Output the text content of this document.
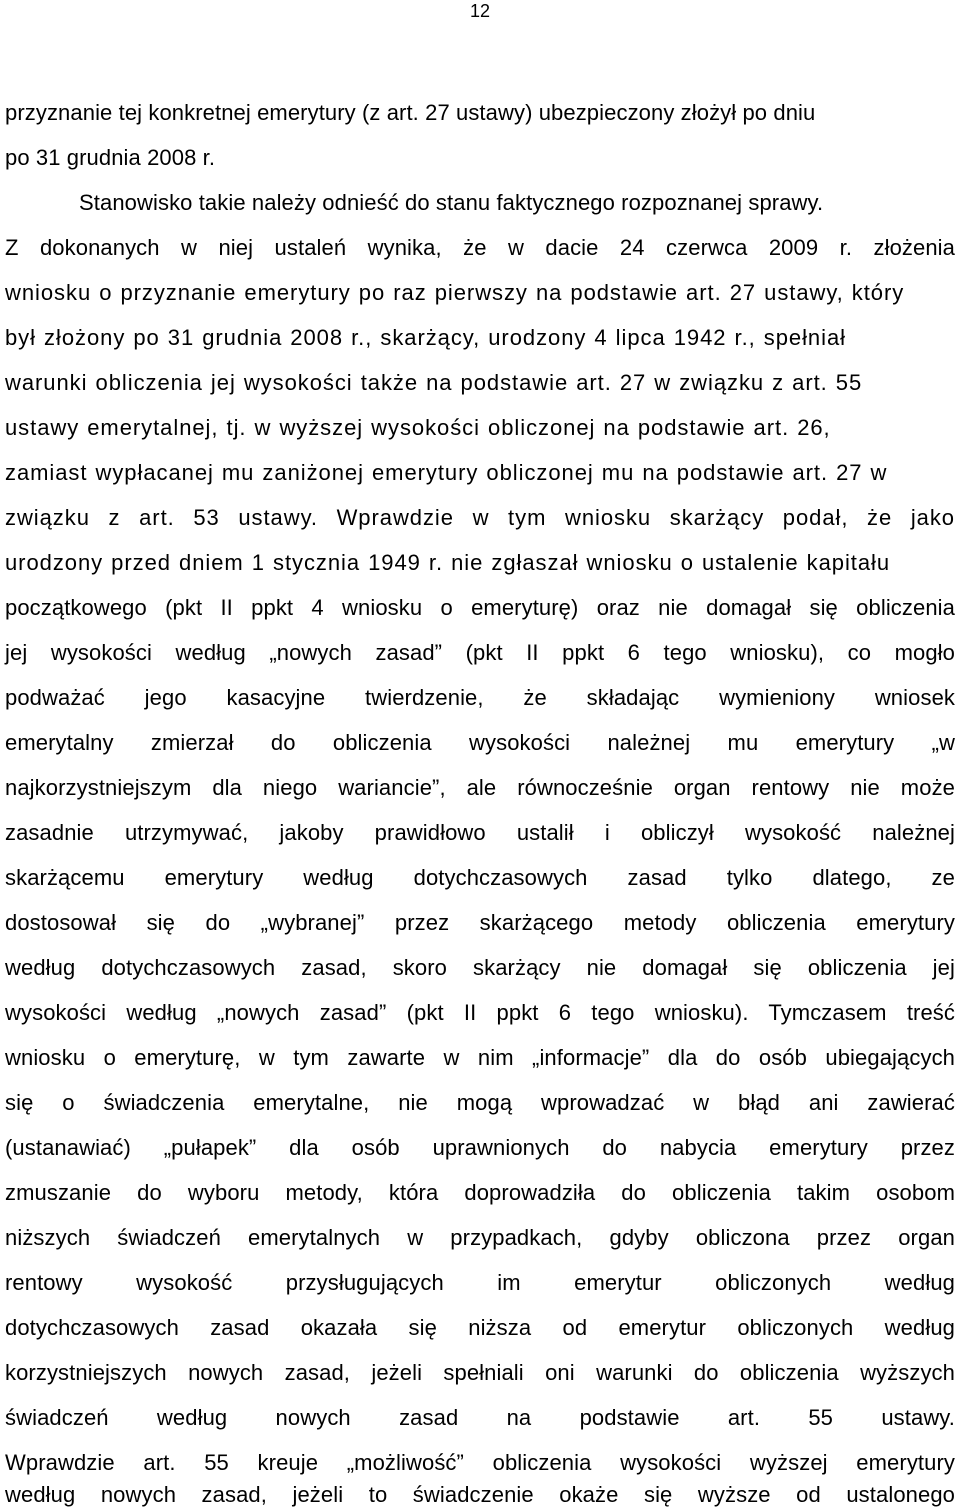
12
przyznanie tej konkretnej emerytury (z art. 27 ustawy) ubezpieczony złożył po dniu
po 31 grudnia 2008 r.
Stanowisko takie należy odnieść do stanu faktycznego rozpoznanej sprawy.
Z dokonanych w niej ustaleń wynika, że w dacie 24 czerwca 2009 r. złożenia
wniosku o przyznanie emerytury po raz pierwszy na podstawie art. 27 ustawy, który
był złożony po 31 grudnia 2008 r., skarżący, urodzony 4 lipca 1942 r., spełniał
warunki obliczenia jej wysokości także na podstawie art. 27 w związku z art. 55
ustawy emerytalnej, tj. w wyższej wysokości obliczonej na podstawie art. 26,
zamiast wypłacanej mu zaniżonej emerytury obliczonej mu na podstawie art. 27 w
związku z art. 53 ustawy. Wprawdzie w tym wniosku skarżący podał, że jako
urodzony przed dniem 1 stycznia 1949 r. nie zgłaszał wniosku o ustalenie kapitału
początkowego (pkt II ppkt 4 wniosku o emeryturę) oraz nie domagał się obliczenia
jej wysokości według „nowych zasad” (pkt II ppkt 6 tego wniosku), co mogło
podważać jego kasacyjne twierdzenie, że składając wymieniony wniosek
emerytalny zmierzał do obliczenia wysokości należnej mu emerytury „w
najkorzystniejszym dla niego wariancie”, ale równocześnie organ rentowy nie może
zasadnie utrzymywać, jakoby prawidłowo ustalił i obliczył wysokość należnej
skarżącemu emerytury według dotychczasowych zasad tylko dlatego, ze
dostosował się do „wybranej” przez skarżącego metody obliczenia emerytury
według dotychczasowych zasad, skoro skarżący nie domagał się obliczenia jej
wysokości według „nowych zasad” (pkt II ppkt 6 tego wniosku). Tymczasem treść
wniosku o emeryturę, w tym zawarte w nim „informacje” dla do osób ubiegających
się o świadczenia emerytalne, nie mogą wprowadzać w błąd ani zawierać
(ustanawiać) „pułapek” dla osób uprawnionych do nabycia emerytury przez
zmuszanie do wyboru metody, która doprowadziła do obliczenia takim osobom
niższych świadczeń emerytalnych w przypadkach, gdyby obliczona przez organ
rentowy wysokość przysługujących im emerytur obliczonych według
dotychczasowych zasad okazała się niższa od emerytur obliczonych według
korzystniejszych nowych zasad, jeżeli spełniali oni warunki do obliczenia wyższych
świadczeń według nowych zasad na podstawie art. 55 ustawy.
Wprawdzie art. 55 kreuje „możliwość” obliczenia wysokości wyższej emerytury
według nowych zasad, jeżeli to świadczenie okaże się wyższe od ustalonego
